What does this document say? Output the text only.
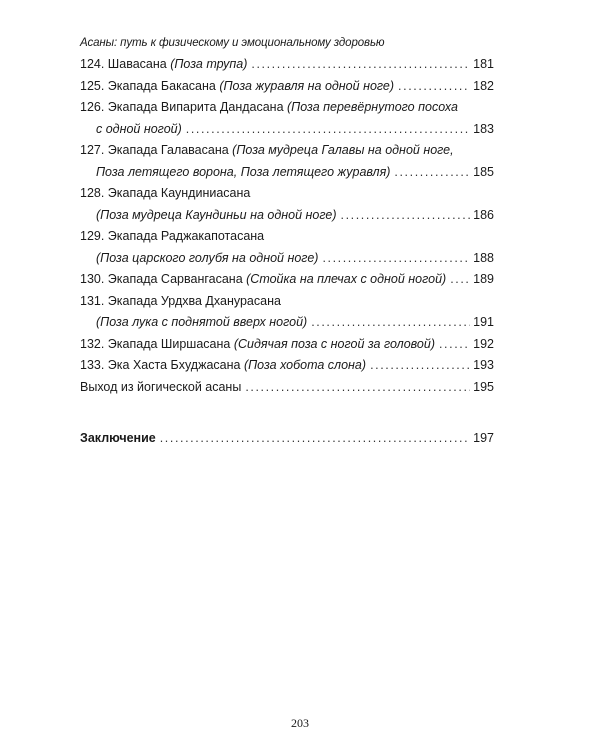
Асаны: путь к физическому и эмоциональному здоровью
124. Шавасана (Поза трупа) .....	181
125. Экапада Бакасана (Поза журавля на одной ноге) .....	182
126. Экапада Випарита Дандасана (Поза перевёрнутого посоха
с одной ногой) .....	183
127. Экапада Галавасана (Поза мудреца Галавы на одной ноге,
Поза летящего ворона, Поза летящего журавля) .....	185
128. Экапада Каундиниасана
(Поза мудреца Каундиньи на одной ноге) .....	186
129. Экапада Раджакапотасана
(Поза царского голубя на одной ноге) .....	188
130. Экапада Сарвангасана (Стойка на плечах с одной ногой) ..... 189
131. Экапада Урдхва Дханурасана
(Поза лука с поднятой вверх ногой) .....	191
132. Экапада Ширшасана (Сидячая поза с ногой за головой) .....	192
133. Эка Хаста Бхуджасана (Поза хобота слона) .....	193
Выход из йогической асаны .....	195
Заключение .....	197
203
